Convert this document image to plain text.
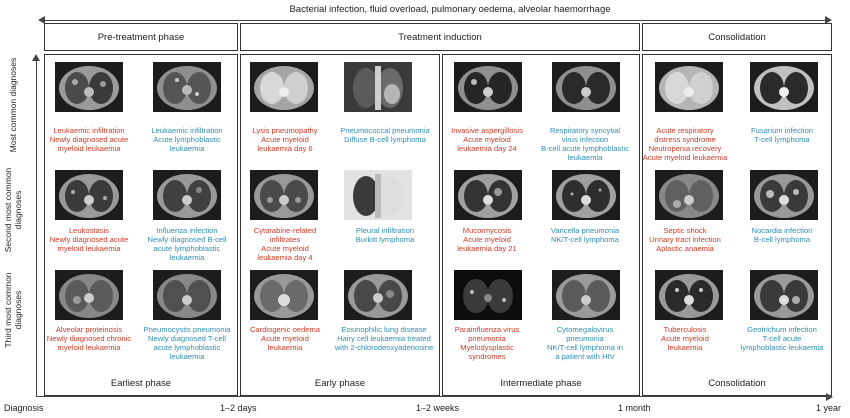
Bacterial infection, fluid overload, pulmonary oedema, alveolar haemorrhage
Pre-treatment phase	Treatment induction	Consolidation
Most common diagnoses
Second most common diagnoses
Third most common diagnoses
Earliest phase	Early phase	Intermediate phase	Consolidation
Diagnosis	1–2 days	1–2 weeks	1 month	1 year
Leukaemic infiltration
Newly diagnosed acute
myeloid leukaemia
Leukaemic infiltration
Acute lymphoblastic
leukaemia
Leukostasis
Newly diagnosed acute
myeloid leukaemia
Influenza infection
Newly diagnosed B-cell
acute lymphoblastic
leukaemia
Alveolar proteinosis
Newly diagnosed chronic
myeloid leukaemia
Pneumocystis pneumonia
Newly diagnosed T-cell
acute lymphoblastic
leukaemia
Lysis pneumopathy
Acute myeloid
leukaemia day 6
Pneumococcal pneumonia
Diffuse B-cell lymphoma
Cytarabine-related
infiltrates
Acute myeloid
leukaemia day 4
Pleural infiltration
Burkitt lymphoma
Cardiogenic oedema
Acute myeloid
leukaemia
Eosinophilic lung disease
Hairy cell leukaemia treated
with 2-chlorodeoxyadenosine
Invasive aspergillosis
Acute myeloid
leukaemia day 24
Respiratory syncytial
virus infection
B-cell acute lymphoblastic
leukaemia
Mucormycosis
Acute myeloid
leukaemia day 21
Varicella pneumonia
NK/T-cell lymphoma
Parainfluenza virus
pneumonia
Myelodysplastic
syndromes
Cytomegalovirus
pneumonia
NK/T-cell lymphoma in
a patient with HIV
Acute respiratory
distress syndrome
Neutropenia recovery
Acute myeloid leukaemia
Fusarium infection
T-cell lymphoma
Septic shock
Urinary tract infection
Aplastic anaemia
Nocardia infection
B-cell lymphoma
Tuberculosis
Acute myeloid
leukaemia
Geotrichum infection
T-cell acute
lymphoblastic leukaemia
